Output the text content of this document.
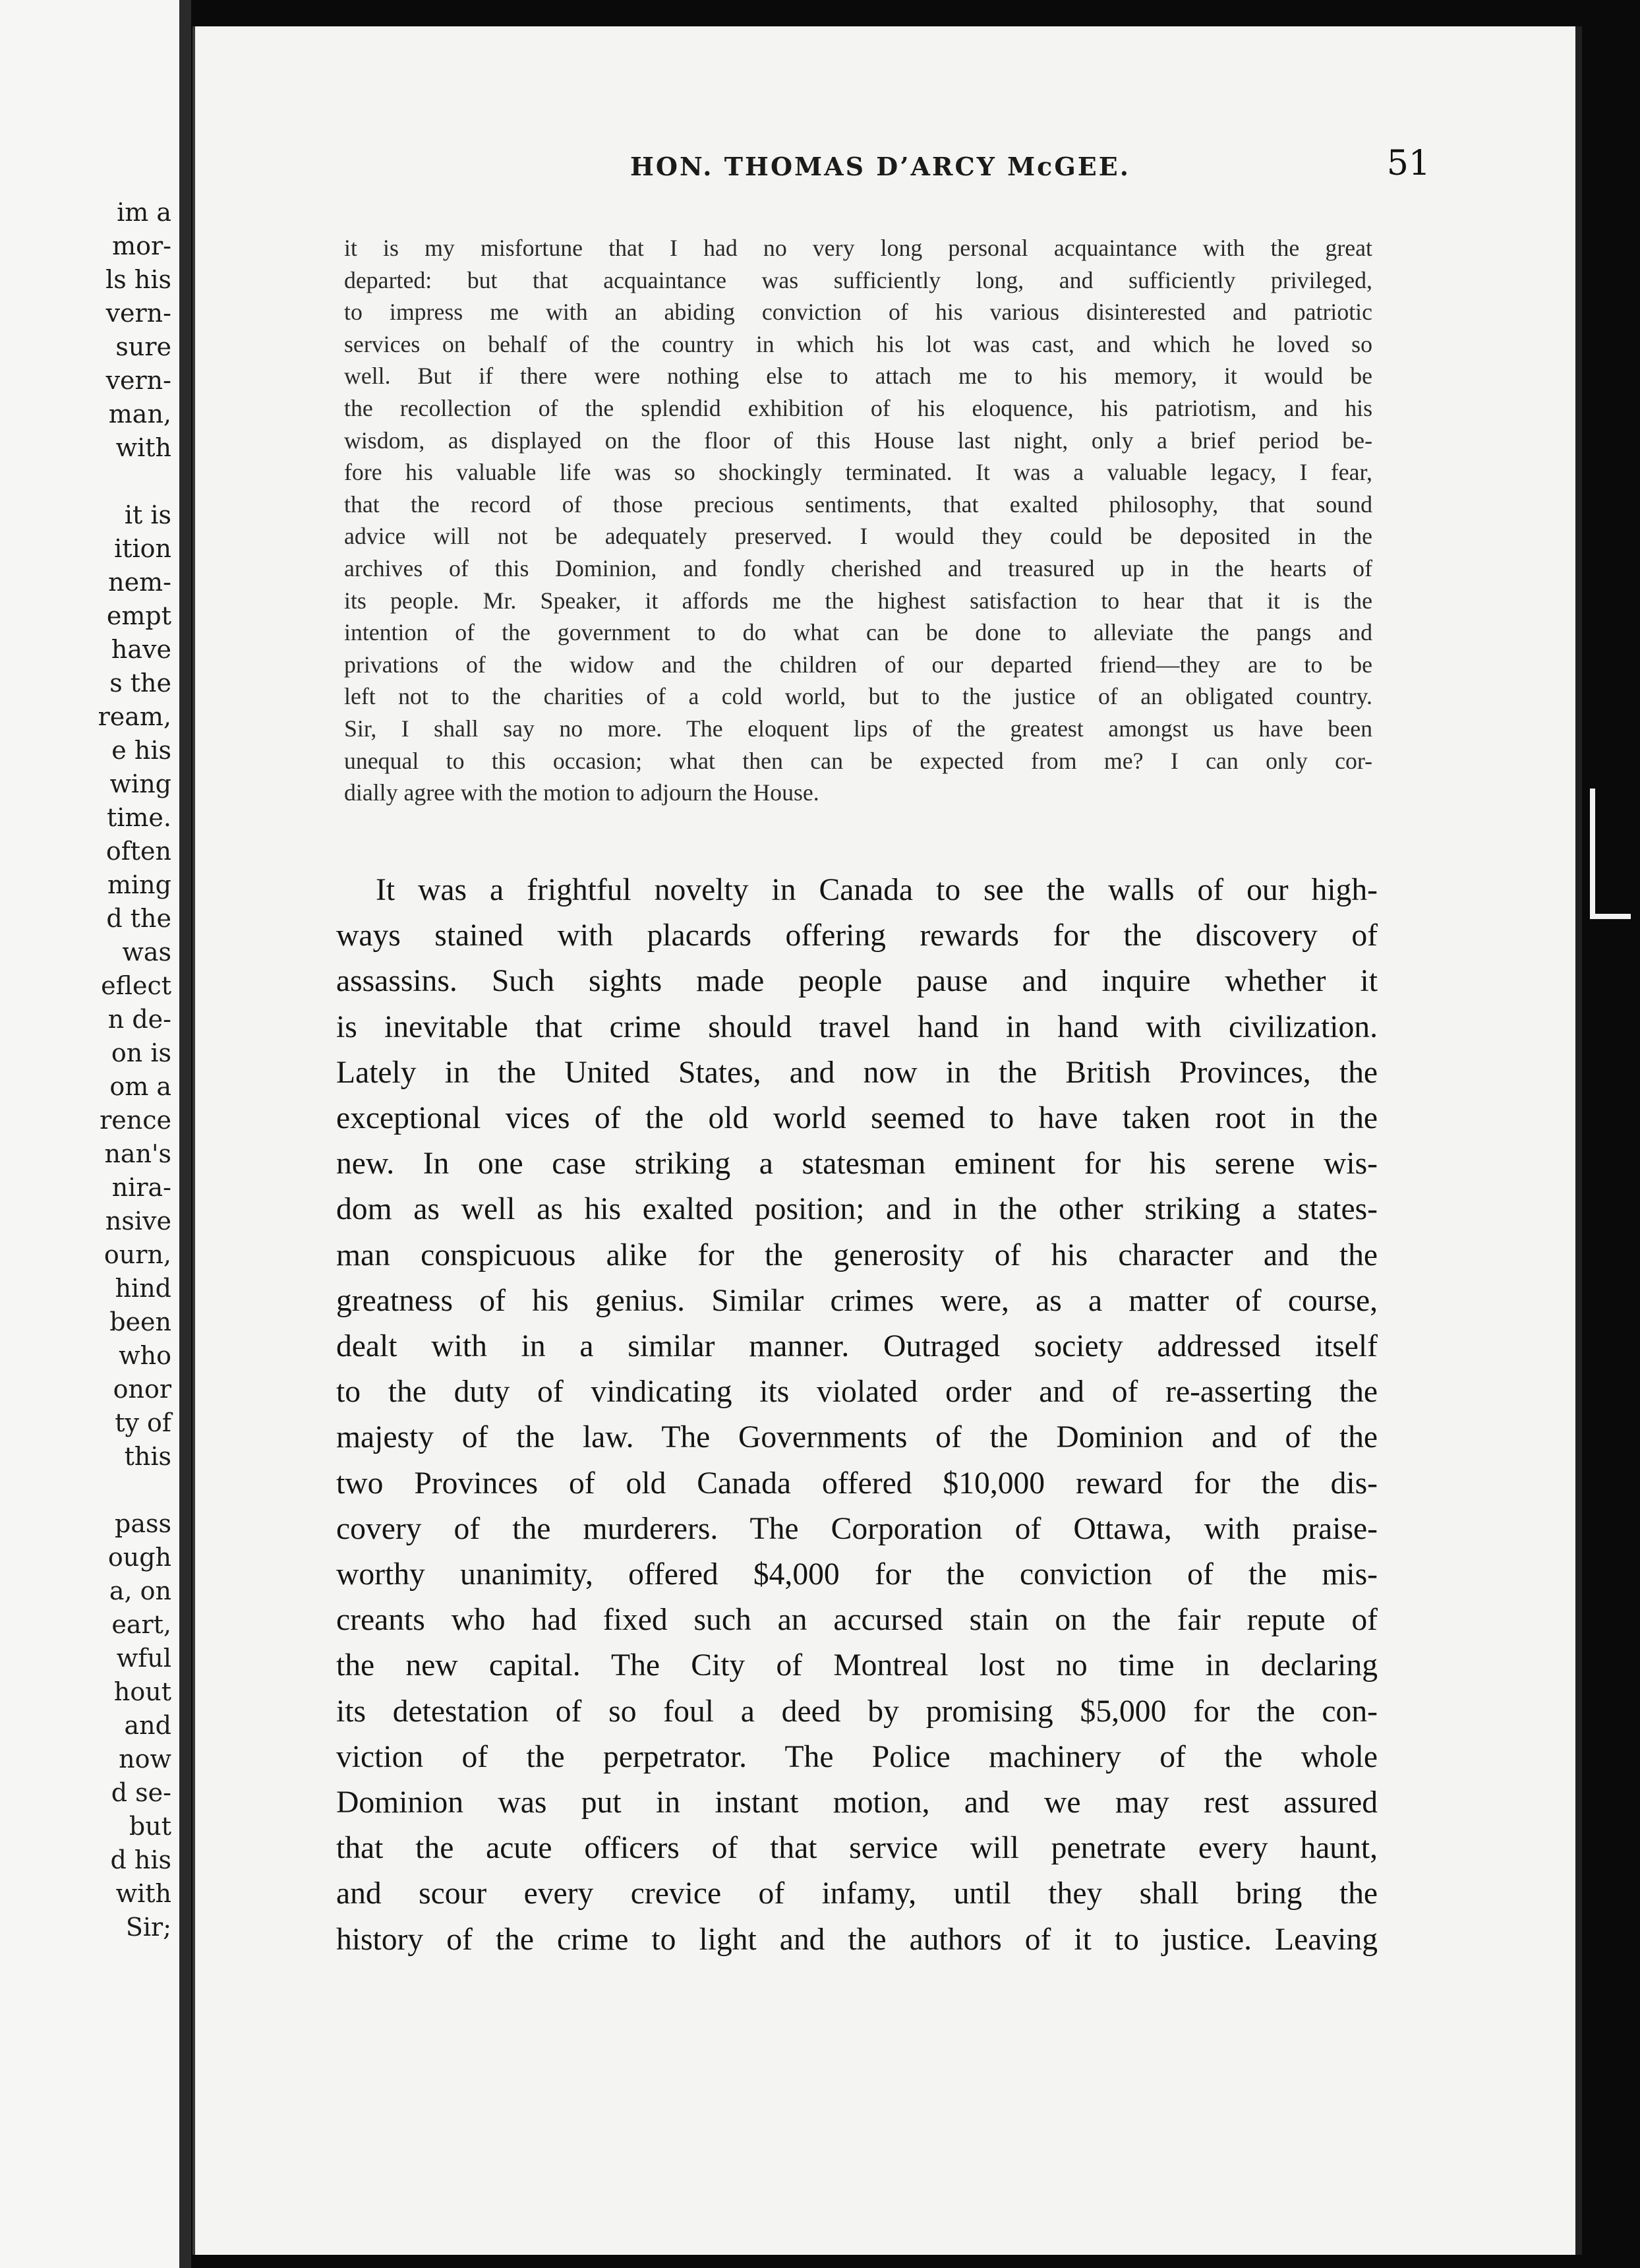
im a
mor-
ls his
vern-
sure
vern-
man,
with
it is
ition
nem-
empt
have
s the
ream,
e his
wing
time.
often
ming
d the
was
eflect
n de-
on is
om a
rence
nan's
nira-
nsive
ourn,
hind
been
who
onor
ty of
this
pass
ough
a, on
eart,
wful
hout
and
now
d se-
but
d his
with
Sir;
HON. THOMAS D’ARCY McGEE.	51
it is my misfortune that I had no very long personal acquaintance with the great
departed: but that acquaintance was sufficiently long, and sufficiently privileged,
to impress me with an abiding conviction of his various disinterested and patriotic
services on behalf of the country in which his lot was cast, and which he loved so
well. But if there were nothing else to attach me to his memory, it would be
the recollection of the splendid exhibition of his eloquence, his patriotism, and his
wisdom, as displayed on the floor of this House last night, only a brief period be-
fore his valuable life was so shockingly terminated. It was a valuable legacy, I fear,
that the record of those precious sentiments, that exalted philosophy, that sound
advice will not be adequately preserved. I would they could be deposited in the
archives of this Dominion, and fondly cherished and treasured up in the hearts of
its people. Mr. Speaker, it affords me the highest satisfaction to hear that it is the
intention of the government to do what can be done to alleviate the pangs and
privations of the widow and the children of our departed friend—they are to be
left not to the charities of a cold world, but to the justice of an obligated country.
Sir, I shall say no more. The eloquent lips of the greatest amongst us have been
unequal to this occasion; what then can be expected from me? I can only cor-
dially agree with the motion to adjourn the House.
It was a frightful novelty in Canada to see the walls of our high-
ways stained with placards offering rewards for the discovery of
assassins. Such sights made people pause and inquire whether it
is inevitable that crime should travel hand in hand with civilization.
Lately in the United States, and now in the British Provinces, the
exceptional vices of the old world seemed to have taken root in the
new. In one case striking a statesman eminent for his serene wis-
dom as well as his exalted position; and in the other striking a states-
man conspicuous alike for the generosity of his character and the
greatness of his genius. Similar crimes were, as a matter of course,
dealt with in a similar manner. Outraged society addressed itself
to the duty of vindicating its violated order and of re-asserting the
majesty of the law. The Governments of the Dominion and of the
two Provinces of old Canada offered $10,000 reward for the dis-
covery of the murderers. The Corporation of Ottawa, with praise-
worthy unanimity, offered $4,000 for the conviction of the mis-
creants who had fixed such an accursed stain on the fair repute of
the new capital. The City of Montreal lost no time in declaring
its detestation of so foul a deed by promising $5,000 for the con-
viction of the perpetrator. The Police machinery of the whole
Dominion was put in instant motion, and we may rest assured
that the acute officers of that service will penetrate every haunt,
and scour every crevice of infamy, until they shall bring the
history of the crime to light and the authors of it to justice. Leaving
